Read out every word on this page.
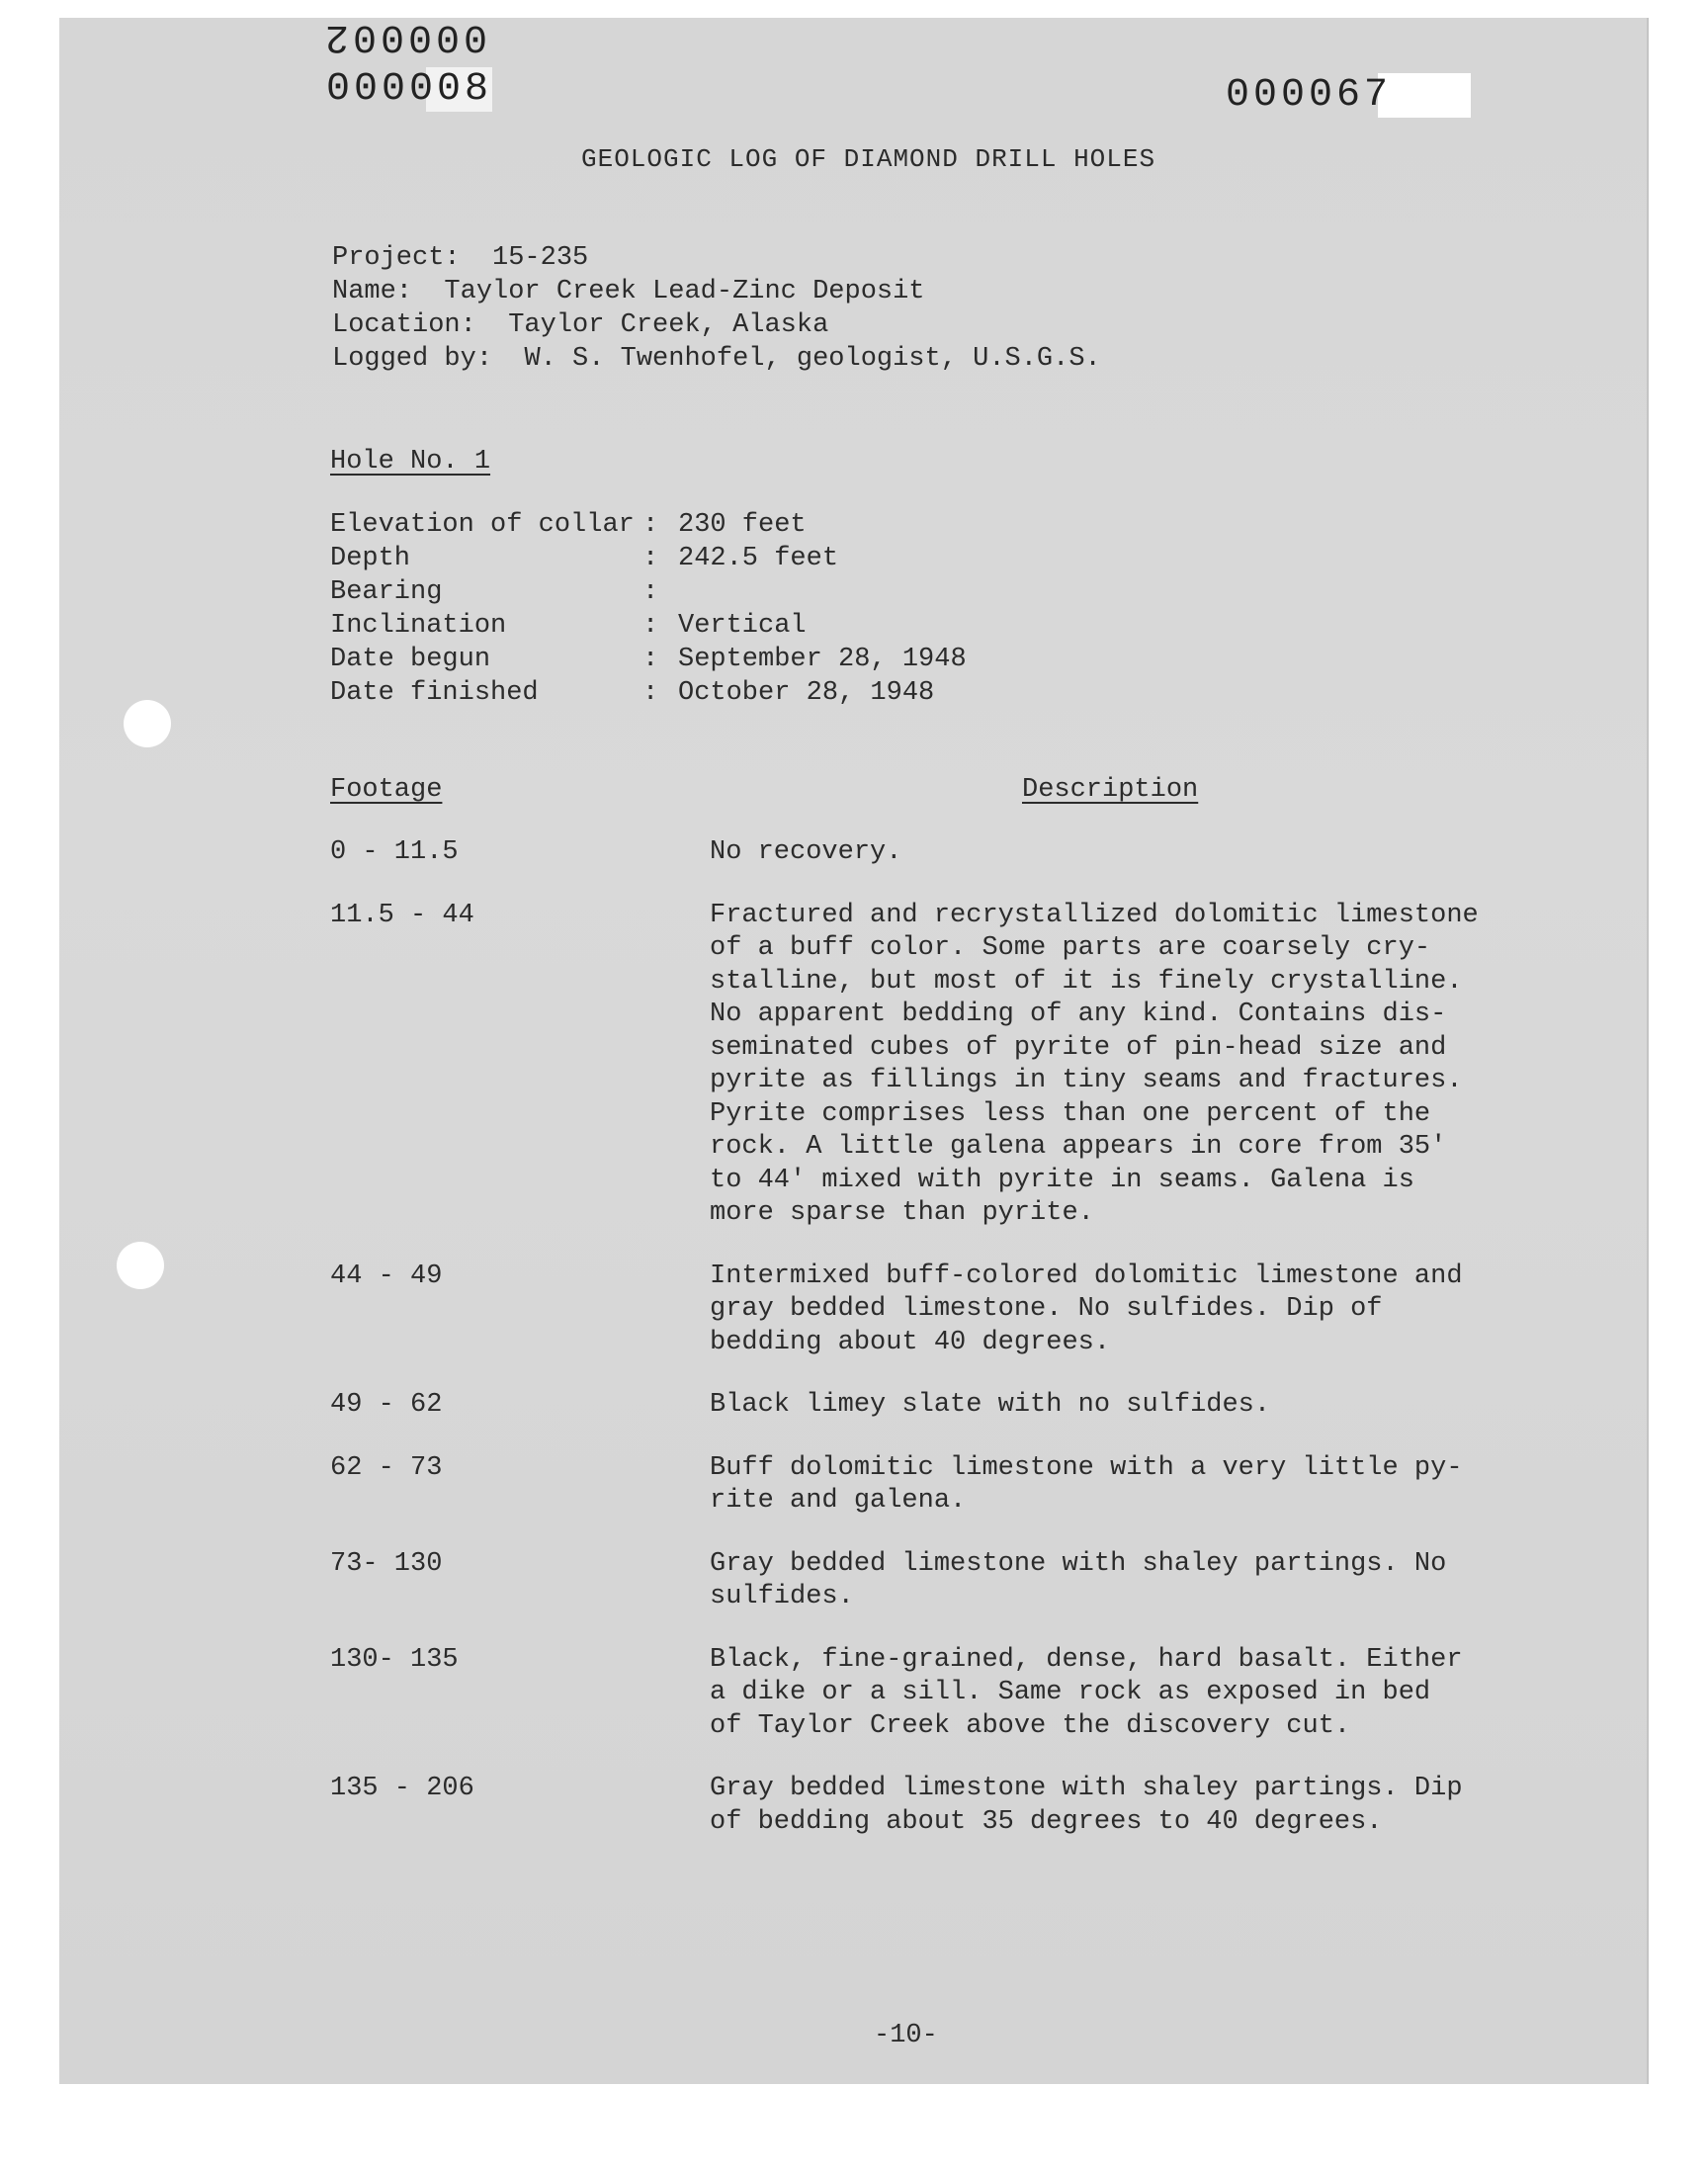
000002
000008	000067
GEOLOGIC LOG OF DIAMOND DRILL HOLES
Project: 15-235
Name: Taylor Creek Lead-Zinc Deposit
Location: Taylor Creek, Alaska
Logged by: W. S. Twenhofel, geologist, U.S.G.S.
Hole No. 1
Elevation of collar : 230 feet
Depth	: 242.5 feet
Bearing	:
Inclination	: Vertical
Date begun	: September 28, 1948
Date finished	: October 28, 1948
Footage	Description
0 - 11.5	No recovery.
11.5 - 44	Fractured and recrystallized dolomitic limestone
of a buff color. Some parts are coarsely cry-
stalline, but most of it is finely crystalline.
No apparent bedding of any kind. Contains dis-
seminated cubes of pyrite of pin-head size and
pyrite as fillings in tiny seams and fractures.
Pyrite comprises less than one percent of the
rock. A little galena appears in core from 35'
to 44' mixed with pyrite in seams. Galena is
more sparse than pyrite.
44 - 49	Intermixed buff-colored dolomitic limestone and
gray bedded limestone. No sulfides. Dip of
bedding about 40 degrees.
49 - 62	Black limey slate with no sulfides.
62 - 73	Buff dolomitic limestone with a very little py-
rite and galena.
73- 130	Gray bedded limestone with shaley partings. No
sulfides.
130- 135	Black, fine-grained, dense, hard basalt. Either
a dike or a sill. Same rock as exposed in bed
of Taylor Creek above the discovery cut.
135 - 206	Gray bedded limestone with shaley partings. Dip
of bedding about 35 degrees to 40 degrees.
-10-
